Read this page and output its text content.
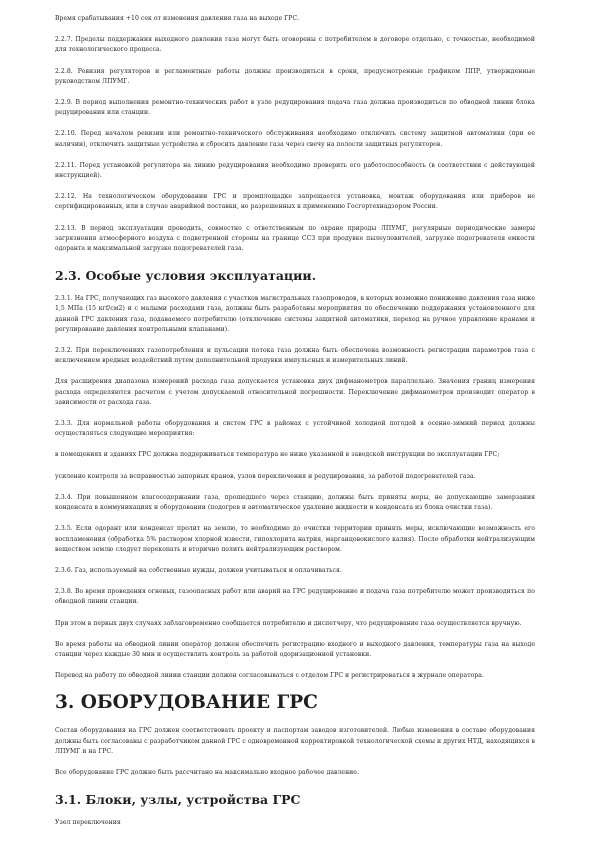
Время срабатывания +10 сек от изменения давления газа на выходе ГРС.

2.2.7. Пределы поддержания выходного давления газа могут быть оговорены с потребителем в договоре отдельно, с точностью, необходимой для технологического процесса.

2.2.8. Ревизия регуляторов и регламентные работы должны производиться в сроки, предусмотренные графиком ППР, утвержденные руководством ЛПУМГ.

2.2.9. В период выполнения ремонтно-технических работ в узле редуцирования подача газа должна производиться по обводной линии блока редуцирования или станции.

2.2.10. Перед началом ревизии или ремонтно-технического обслуживания необходимо отключить систему защитной автоматики (при ее наличии), отключить защитные устройства и сбросить давление газа через свечу на полости защитных регуляторов.

2.2.11. Перед установкой регулятора на линию редуцирования необходимо проверить его работоспособность (в соответствии с действующей инструкцией).

2.2.12. На технологическом оборудовании ГРС и промплощадке запрещается установка, монтаж оборудования или приборов не сертифицированных, или в случае аварийной поставки, не разрешенных к применению Госгортехнадзором России.

2.2.13. В период эксплуатации проводить, совместно с ответственным по охране природы ЛПУМГ, регулярные периодические замеры загрязнения атмосферного воздуха с подветренной стороны на границе ССЗ при продувке пылеуловителей, загрузке подогревателя емкости одоранта и максимальной загрузке подогревателей газа.

2.3. Особые условия эксплуатации.

2.3.1. На ГРС, получающих газ высокого давления с участков магистральных газопроводов, в которых возможно понижение давления газа ниже 1,5 МПа (15 кгf/см2) и с малыми расходами газа, должны быть разработаны мероприятия по обеспечению поддержания установленного для данной ГРС давления газа, подаваемого потребителю (отключение системы защитной автоматики, переход на ручное управление кранами и регулирование давления контрольными клапанами).

2.3.2. При переключениях газопотребления и пульсации потока газа должна быть обеспечена возможность регистрации параметров газа с исключением вредных воздействий путем дополнительной продувки импульсных и измерительных линий.

Для расширения диапазона измерений расхода газа допускается установка двух дифманометров параллельно. Значения границ измерения расхода определяются расчетом с учетом допускаемой относительной погрешности. Переключение дифманометров производит оператор в зависимости от расхода газа.

2.3.3. Для нормальной работы оборудования и систем ГРС в районах с устойчивой холодной погодой в осенне-зимний период должны осуществляться следующие мероприятия:

в помещениях и зданиях ГРС должна поддерживаться температура не ниже указанной в заводской инструкции по эксплуатации ГРС;

усиление контроля за исправностью запорных кранов, узлов переключения и редуцирования, за работой подогревателей газа.

2.3.4. При повышенном влагосодержании газа, прошедшего через станцию, должны быть приняты меры, не допускающие замерзания конденсата в коммуникациях и оборудовании (подогрев и автоматическое удаление жидкости и конденсата из блока очистки газа).

2.3.5. Если одорант или конденсат пролит на землю, то необходимо до очистки территории принять меры, исключающие возможность его воспламенения (обработка 5% раствором хлорной извести, гипохлорита натрия, марганцовокислого калия). После обработки нейтрализующим веществом землю следует перекопать и вторично полить нейтрализующим раствором.

2.3.6. Газ, используемый на собственные нужды, должен учитываться и оплачиваться.

2.3.8. Во время проведения огневых, газоопасных работ или аварий на ГРС редуцирование и подача газа потребителю может производиться по обводной линии станции.

При этом в первых двух случаях заблаговременно сообщается потребителю и диспетчеру, что редуцирование газа осуществляется вручную.

Во время работы на обводной линии оператор должен обеспечить регистрацию входного и выходного давления, температуры газа на выходе станции через каждые 30 мин и осуществлять контроль за работой одоризационной установки.

Перевод на работу по обводной линии станции должен согласовываться с отделом ГРС и регистрироваться в журнале оператора.

3. ОБОРУДОВАНИЕ ГРС

Состав оборудования на ГРС должен соответствовать проекту и паспортам заводов изготовителей. Любые изменения в составе оборудования должны быть согласованы с разработчиком данной ГРС с одновременной корректировкой технологической схемы и других НТД, находящихся в ЛПУМГ и на ГРС.

Все оборудование ГРС должно быть рассчитано на максимально входное рабочее давление.

3.1. Блоки, узлы, устройства ГРС

Узел переключения
